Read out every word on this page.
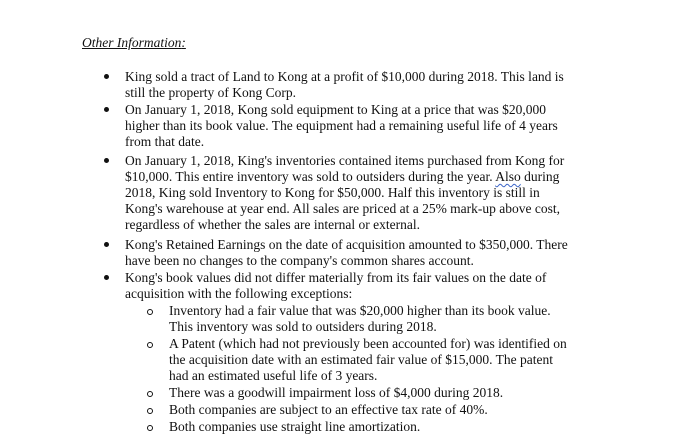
Other Information:
King sold a tract of Land to Kong at a profit of $10,000 during 2018. This land is
still the property of Kong Corp.
On January 1, 2018, Kong sold equipment to King at a price that was $20,000
higher than its book value. The equipment had a remaining useful life of 4 years
from that date.
On January 1, 2018, King's inventories contained items purchased from Kong for
$10,000. This entire inventory was sold to outsiders during the year. Also during
2018, King sold Inventory to Kong for $50,000. Half this inventory is still in
Kong's warehouse at year end. All sales are priced at a 25% mark-up above cost,
regardless of whether the sales are internal or external.
Kong's Retained Earnings on the date of acquisition amounted to $350,000. There
have been no changes to the company's common shares account.
Kong's book values did not differ materially from its fair values on the date of
acquisition with the following exceptions:
Inventory had a fair value that was $20,000 higher than its book value.
This inventory was sold to outsiders during 2018.
A Patent (which had not previously been accounted for) was identified on
the acquisition date with an estimated fair value of $15,000. The patent
had an estimated useful life of 3 years.
There was a goodwill impairment loss of $4,000 during 2018.
Both companies are subject to an effective tax rate of 40%.
Both companies use straight line amortization.
